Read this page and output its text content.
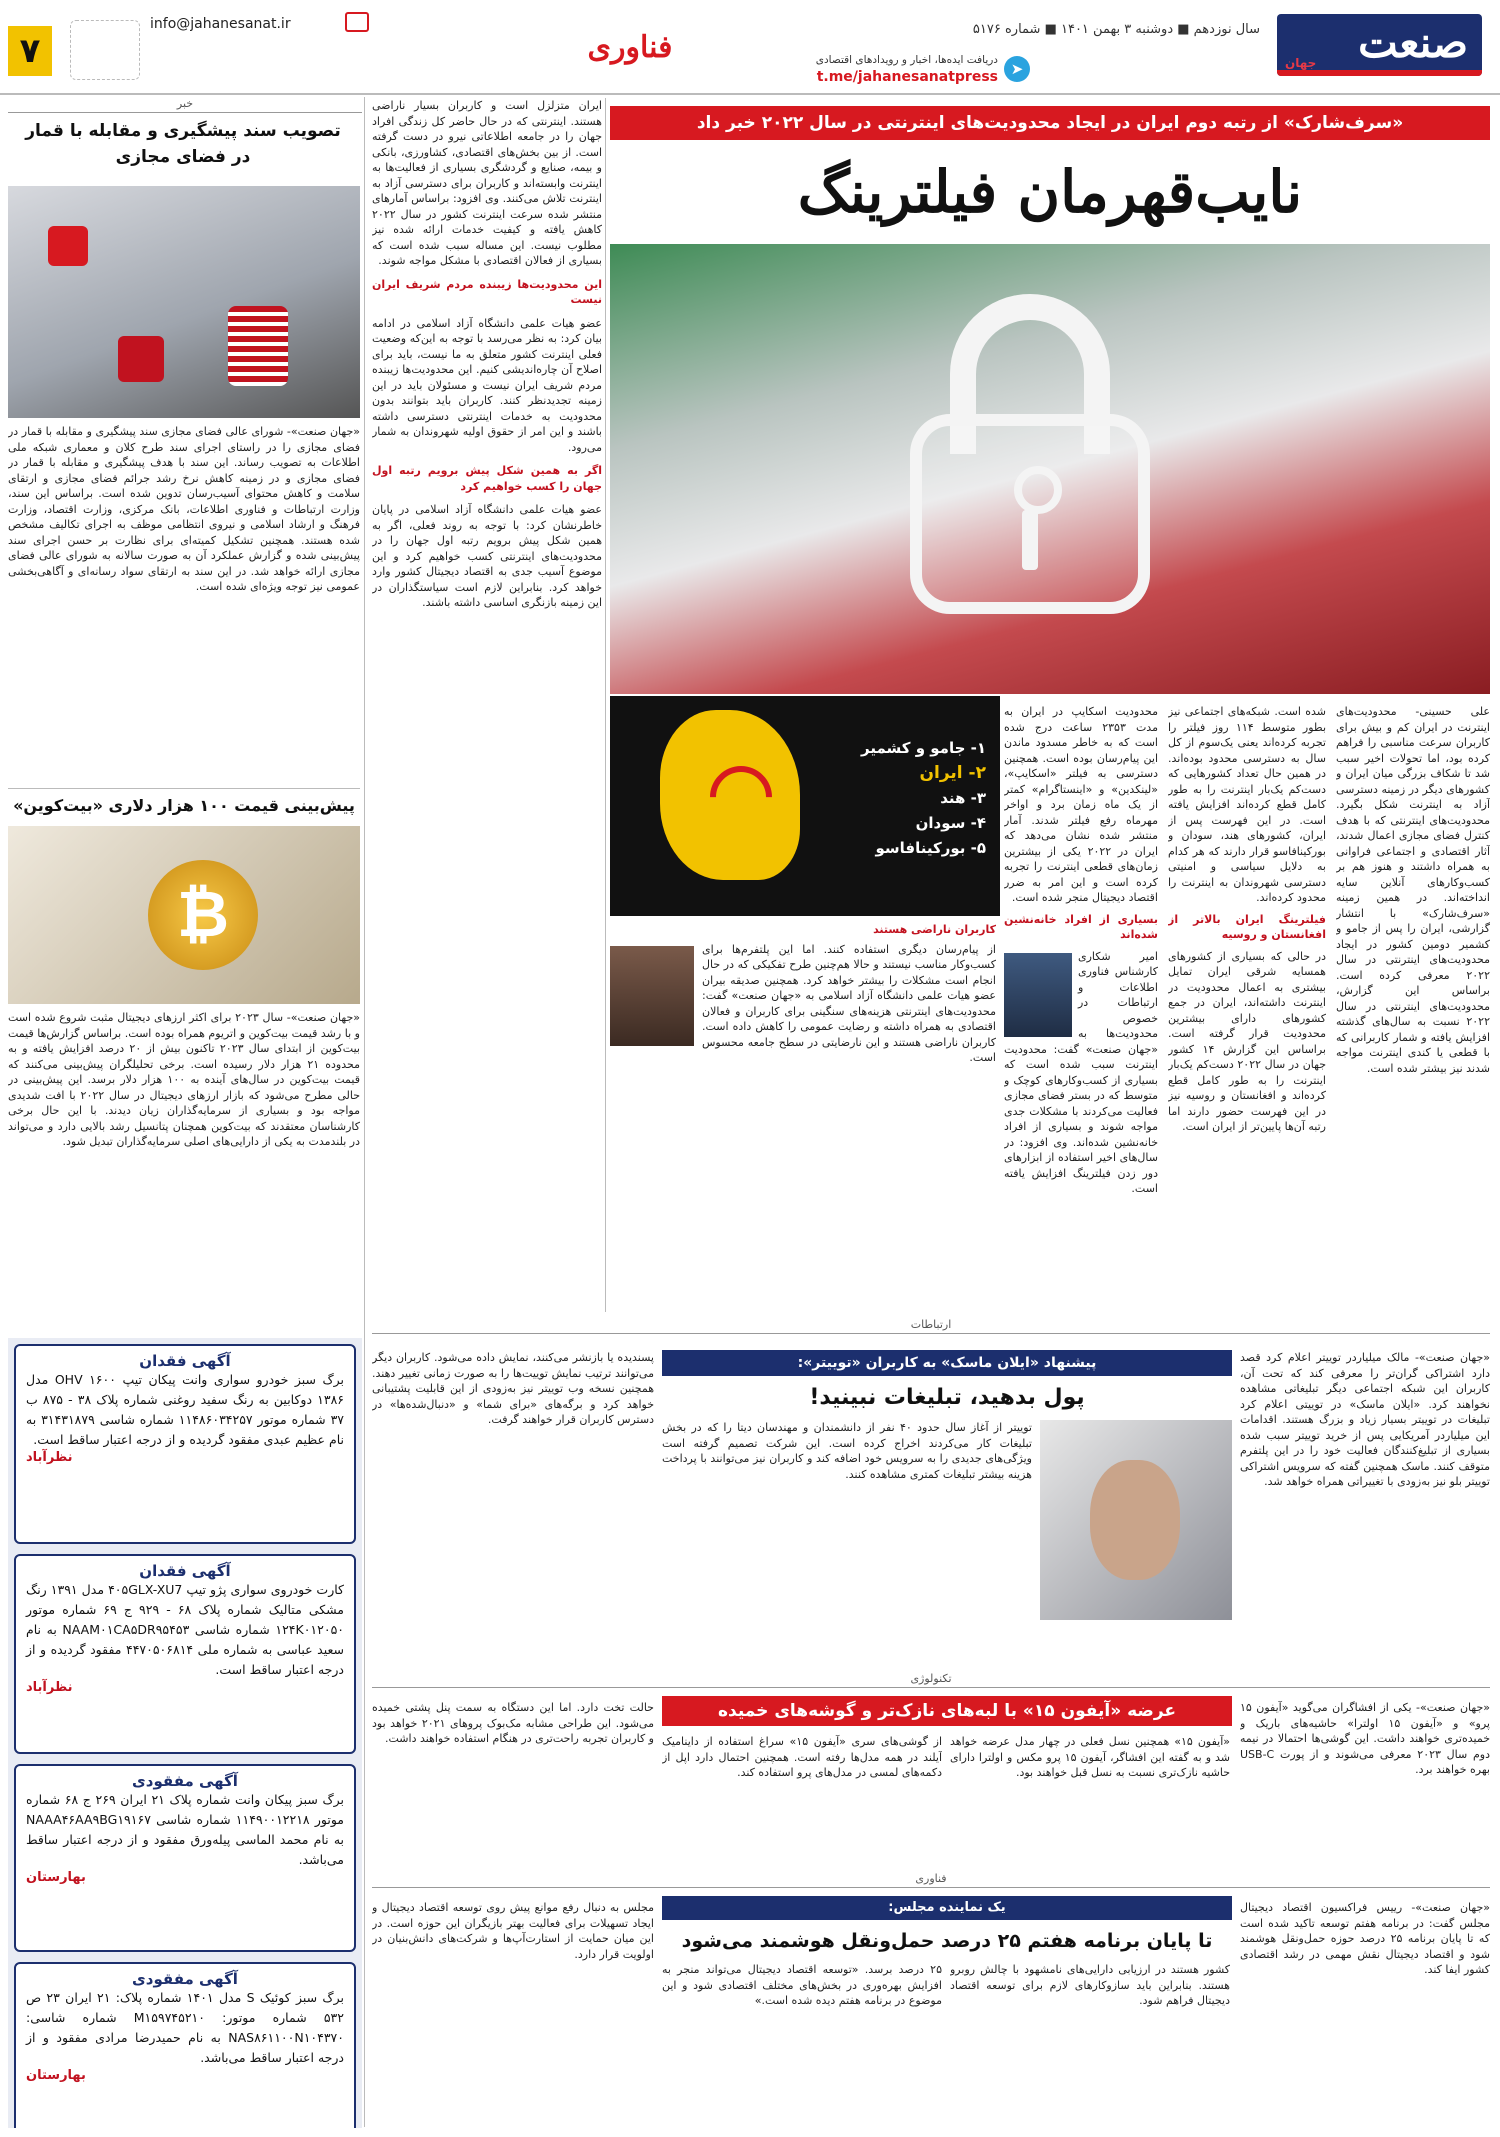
صنعت
جهان
سال نوزدهم ■ دوشنبه ۳ بهمن ۱۴۰۱ ■ شماره ۵۱۷۶
➤
دریافت ایده‌ها، اخبار و رویدادهای اقتصادی
t.me/jahanesanatpress
فناوری
info@jahanesanat.ir
۷
خبر
تصویب سند پیشگیری و مقابله با قمار در فضای مجازی
«جهان صنعت»- شورای عالی فضای مجازی سند پیشگیری و مقابله با قمار در فضای مجازی را در راستای اجرای سند طرح کلان و معماری شبکه ملی اطلاعات به تصویب رساند. این سند با هدف پیشگیری و مقابله با قمار در فضای مجازی و در زمینه کاهش نرخ رشد جرائم فضای مجازی و ارتقای سلامت و کاهش محتوای آسیب‌رسان تدوین شده است. براساس این سند، وزارت ارتباطات و فناوری اطلاعات، بانک مرکزی، وزارت اقتصاد، وزارت فرهنگ و ارشاد اسلامی و نیروی انتظامی موظف به اجرای تکالیف مشخص شده هستند. همچنین تشکیل کمیته‌ای برای نظارت بر حسن اجرای سند پیش‌بینی شده و گزارش عملکرد آن به صورت سالانه به شورای عالی فضای مجازی ارائه خواهد شد. در این سند به ارتقای سواد رسانه‌ای و آگاهی‌بخشی عمومی نیز توجه ویژه‌ای شده است.
پیش‌بینی قیمت ۱۰۰ هزار دلاری «بیت‌کوین»
₿
«جهان صنعت»- سال ۲۰۲۳ برای اکثر ارزهای دیجیتال مثبت شروع شده است و با رشد قیمت بیت‌کوین و اتریوم همراه بوده است. براساس گزارش‌ها قیمت بیت‌کوین از ابتدای سال ۲۰۲۳ تاکنون بیش از ۲۰ درصد افزایش یافته و به محدوده ۲۱ هزار دلار رسیده است. برخی تحلیلگران پیش‌بینی می‌کنند که قیمت بیت‌کوین در سال‌های آینده به ۱۰۰ هزار دلار برسد. این پیش‌بینی در حالی مطرح می‌شود که بازار ارزهای دیجیتال در سال ۲۰۲۲ با افت شدیدی مواجه بود و بسیاری از سرمایه‌گذاران زیان دیدند. با این حال برخی کارشناسان معتقدند که بیت‌کوین همچنان پتانسیل رشد بالایی دارد و می‌تواند در بلندمدت به یکی از دارایی‌های اصلی سرمایه‌گذاران تبدیل شود.
آگهی فقدان
برگ سبز خودرو سواری وانت پیکان تیپ OHV ۱۶۰۰ مدل ۱۳۸۶ دوکابین به رنگ سفید روغنی شماره پلاک ۳۸ - ۸۷۵ ب ۳۷ شماره موتور ۱۱۴۸۶۰۳۴۲۵۷ شماره شاسی ۳۱۴۳۱۸۷۹ به نام عظیم عبدی مفقود گردیده و از درجه اعتبار ساقط است.
نظرآباد
آگهی فقدان
کارت خودروی سواری پژو تیپ ۴۰۵GLX-XU7 مدل ۱۳۹۱ رنگ مشکی متالیک شماره پلاک ۶۸ - ۹۲۹ ج ۶۹ شماره موتور ۱۲۴K۰۱۲۰۵۰ شماره شاسی NAAM۰۱CA۵DR۹۵۴۵۳ به نام سعید عباسی به شماره ملی ۴۴۷۰۵۰۶۸۱۴ مفقود گردیده و از درجه اعتبار ساقط است.
نظرآباد
آگهی مفقودی
برگ سبز پیکان وانت شماره پلاک ۲۱ ایران ۲۶۹ ج ۶۸ شماره موتور ۱۱۴۹۰۰۱۲۲۱۸ شماره شاسی NAAA۴۶AA۹BG۱۹۱۶۷ به نام محمد الماسی پیله‌ورق مفقود و از درجه اعتبار ساقط می‌باشد.
بهارستان
آگهی مفقودی
برگ سبز کوئیک S مدل ۱۴۰۱ شماره پلاک: ۲۱ ایران ۲۳ ص ۵۳۲ شماره موتور: M۱۵۹۷۴۵۲۱۰ شماره شاسی: NAS۸۶۱۱۰۰N۱۰۴۳۷۰ به نام حمیدرضا مرادی مفقود و از درجه اعتبار ساقط می‌باشد.
بهارستان
«سرف‌شارک» از رتبه دوم ایران در ایجاد محدودیت‌های اینترنتی در سال ۲۰۲۲ خبر داد
نایب‌قهرمان فیلترینگ
۱- جامو و کشمیر
۲- ایران
۳- هند
۴- سودان
۵- بورکینافاسو
علی حسینی- محدودیت‌های اینترنت در ایران کم و بیش برای کاربران سرعت مناسبی را فراهم کرده بود، اما تحولات اخیر سبب شد تا شکاف بزرگی میان ایران و کشورهای دیگر در زمینه دسترسی آزاد به اینترنت شکل بگیرد. محدودیت‌های اینترنتی که با هدف کنترل فضای مجازی اعمال شدند، آثار اقتصادی و اجتماعی فراوانی به همراه داشتند و هنوز هم بر کسب‌وکارهای آنلاین سایه انداخته‌اند. در همین زمینه «سرف‌شارک» با انتشار گزارشی، ایران را پس از جامو و کشمیر دومین کشور در ایجاد محدودیت‌های اینترنتی در سال ۲۰۲۲ معرفی کرده است. براساس این گزارش، محدودیت‌های اینترنتی در سال ۲۰۲۲ نسبت به سال‌های گذشته افزایش یافته و شمار کاربرانی که با قطعی یا کندی اینترنت مواجه شدند نیز بیشتر شده است.
شده است. شبکه‌های اجتماعی نیز بطور متوسط ۱۱۴ روز فیلتر را تجربه کرده‌اند یعنی یک‌سوم از کل سال به دسترسی محدود بوده‌اند. در همین حال تعداد کشورهایی که دست‌کم یک‌بار اینترنت را به طور کامل قطع کرده‌اند افزایش یافته است. در این فهرست پس از ایران، کشورهای هند، سودان و بورکینافاسو قرار دارند که هر کدام به دلایل سیاسی و امنیتی دسترسی شهروندان به اینترنت را محدود کرده‌اند.
فیلترینگ ایران بالاتر از افغانستان و روسیه
در حالی که بسیاری از کشورهای همسایه شرقی ایران تمایل بیشتری به اعمال محدودیت در اینترنت داشته‌اند، ایران در جمع کشورهای دارای بیشترین محدودیت قرار گرفته است. براساس این گزارش ۱۴ کشور جهان در سال ۲۰۲۲ دست‌کم یک‌بار اینترنت را به طور کامل قطع کرده‌اند و افغانستان و روسیه نیز در این فهرست حضور دارند اما رتبه آن‌ها پایین‌تر از ایران است.
محدودیت اسکایپ در ایران به مدت ۲۳۵۳ ساعت درج شده است که به خاطر مسدود ماندن این پیام‌رسان بوده است. همچنین دسترسی به فیلتر «اسکایپ»، «لینکدین» و «اینستاگرام» کمتر از یک ماه زمان برد و اواخر مهرماه رفع فیلتر شدند. آمار منتشر شده نشان می‌دهد که ایران در ۲۰۲۲ یکی از بیشترین زمان‌های قطعی اینترنت را تجربه کرده است و این امر به ضرر اقتصاد دیجیتال منجر شده است.
بسیاری از افراد خانه‌نشین شده‌اند
امیر شکاری کارشناس فناوری اطلاعات و ارتباطات در خصوص محدودیت‌ها به «جهان صنعت» گفت: محدودیت اینترنت سبب شده است که بسیاری از کسب‌وکارهای کوچک و متوسط که در بستر فضای مجازی فعالیت می‌کردند با مشکلات جدی مواجه شوند و بسیاری از افراد خانه‌نشین شده‌اند. وی افزود: در سال‌های اخیر استفاده از ابزارهای دور زدن فیلترینگ افزایش یافته است.
کاربران ناراضی هستند
از پیام‌رسان دیگری استفاده کنند. اما این پلتفرم‌ها برای کسب‌وکار مناسب نیستند و حالا هم‌چنین طرح تفکیکی که در حال انجام است مشکلات را بیشتر خواهد کرد. همچنین صدیقه بیران عضو هیات علمی دانشگاه آزاد اسلامی به «جهان صنعت» گفت: محدودیت‌های اینترنتی هزینه‌های سنگینی برای کاربران و فعالان اقتصادی به همراه داشته و رضایت عمومی را کاهش داده است. کاربران ناراضی هستند و این نارضایتی در سطح جامعه محسوس است.
ایران متزلزل است و کاربران بسیار ناراضی هستند. اینترنتی که در حال حاضر کل زندگی افراد جهان را در جامعه اطلاعاتی نیرو در دست گرفته است. از بین بخش‌های اقتصادی، کشاورزی، بانکی و بیمه، صنایع و گردشگری بسیاری از فعالیت‌ها به اینترنت وابسته‌اند و کاربران برای دسترسی آزاد به اینترنت تلاش می‌کنند. وی افزود: براساس آمارهای منتشر شده سرعت اینترنت کشور در سال ۲۰۲۲ کاهش یافته و کیفیت خدمات ارائه شده نیز مطلوب نیست. این مساله سبب شده است که بسیاری از فعالان اقتصادی با مشکل مواجه شوند.
این محدودیت‌ها زیبنده مردم شریف ایران نیست
عضو هیات علمی دانشگاه آزاد اسلامی در ادامه بیان کرد: به نظر می‌رسد با توجه به این‌که وضعیت فعلی اینترنت کشور متعلق به ما نیست، باید برای اصلاح آن چاره‌اندیشی کنیم. این محدودیت‌ها زیبنده مردم شریف ایران نیست و مسئولان باید در این زمینه تجدیدنظر کنند. کاربران باید بتوانند بدون محدودیت به خدمات اینترنتی دسترسی داشته باشند و این امر از حقوق اولیه شهروندان به شمار می‌رود.
اگر به همین شکل پیش برویم رتبه اول جهان را کسب خواهیم کرد
عضو هیات علمی دانشگاه آزاد اسلامی در پایان خاطرنشان کرد: با توجه به روند فعلی، اگر به همین شکل پیش برویم رتبه اول جهان را در محدودیت‌های اینترنتی کسب خواهیم کرد و این موضوع آسیب جدی به اقتصاد دیجیتال کشور وارد خواهد کرد. بنابراین لازم است سیاستگذاران در این زمینه بازنگری اساسی داشته باشند.
ارتباطات
پیشنهاد «ایلان ماسک» به کاربران «توییتر»:
پول بدهید، تبلیغات نبینید!
«جهان صنعت»- مالک میلیاردر توییتر اعلام کرد قصد دارد اشتراکی گران‌تر را معرفی کند که تحت آن، کاربران این شبکه اجتماعی دیگر تبلیغاتی مشاهده نخواهند کرد. «ایلان ماسک» در توییتی اعلام کرد تبلیغات در توییتر بسیار زیاد و بزرگ هستند. اقدامات این میلیاردر آمریکایی پس از خرید توییتر سبب شده بسیاری از تبلیغ‌کنندگان فعالیت خود را در این پلتفرم متوقف کنند. ماسک همچنین گفته که سرویس اشتراکی توییتر بلو نیز به‌زودی با تغییراتی همراه خواهد شد.
توییتر از آغاز سال حدود ۴۰ نفر از دانشمندان و مهندسان دیتا را که در بخش تبلیغات کار می‌کردند اخراج کرده است. این شرکت تصمیم گرفته است ویژگی‌های جدیدی را به سرویس خود اضافه کند و کاربران نیز می‌توانند با پرداخت هزینه بیشتر تبلیغات کمتری مشاهده کنند.
پسندیده یا بازنشر می‌کنند، نمایش داده می‌شود. کاربران دیگر می‌توانند ترتیب نمایش توییت‌ها را به صورت زمانی تغییر دهند. همچنین نسخه وب توییتر نیز به‌زودی از این قابلیت پشتیبانی خواهد کرد و برگه‌های «برای شما» و «دنبال‌شده‌ها» در دسترس کاربران قرار خواهند گرفت.
تکنولوژی
عرضه «آیفون ۱۵» با لبه‌های نازک‌تر و گوشه‌های خمیده	«جهان صنعت»- یکی از افشاگران می‌گوید «آیفون ۱۵ پرو» و «آیفون ۱۵ اولترا» حاشیه‌های باریک و خمیده‌تری خواهند داشت. این گوشی‌ها احتمالا در نیمه دوم سال ۲۰۲۳ معرفی می‌شوند و از پورت USB-C بهره خواهند برد.
«آیفون ۱۵» همچنین نسل فعلی در چهار مدل عرضه خواهد شد و به گفته این افشاگر، آیفون ۱۵ پرو مکس و اولترا دارای حاشیه نازک‌تری نسبت به نسل قبل خواهند بود.
از گوشی‌های سری «آیفون ۱۵» سراغ استفاده از داینامیک آیلند در همه مدل‌ها رفته است. همچنین احتمال دارد اپل از دکمه‌های لمسی در مدل‌های پرو استفاده کند.
حالت تخت دارد. اما این دستگاه به سمت پنل پشتی خمیده می‌شود. این طراحی مشابه مک‌بوک پروهای ۲۰۲۱ خواهد بود و کاربران تجربه راحت‌تری در هنگام استفاده خواهند داشت.
فناوری
یک نماینده مجلس:
تا پایان برنامه هفتم ۲۵ درصد حمل‌ونقل هوشمند می‌شود
«جهان صنعت»- رییس فراکسیون اقتصاد دیجیتال مجلس گفت: در برنامه هفتم توسعه تاکید شده است که تا پایان برنامه ۲۵ درصد حوزه حمل‌ونقل هوشمند شود و اقتصاد دیجیتال نقش مهمی در رشد اقتصادی کشور ایفا کند.
کشور هستند در ارزیابی دارایی‌های نامشهود با چالش روبرو هستند. بنابراین باید سازوکارهای لازم برای توسعه اقتصاد دیجیتال فراهم شود.
۲۵ درصد برسد. «توسعه اقتصاد دیجیتال می‌تواند منجر به افزایش بهره‌وری در بخش‌های مختلف اقتصادی شود و این موضوع در برنامه هفتم دیده شده است.»
مجلس به دنبال رفع موانع پیش روی توسعه اقتصاد دیجیتال و ایجاد تسهیلات برای فعالیت بهتر بازیگران این حوزه است. در این میان حمایت از استارت‌آپ‌ها و شرکت‌های دانش‌بنیان در اولویت قرار دارد.
